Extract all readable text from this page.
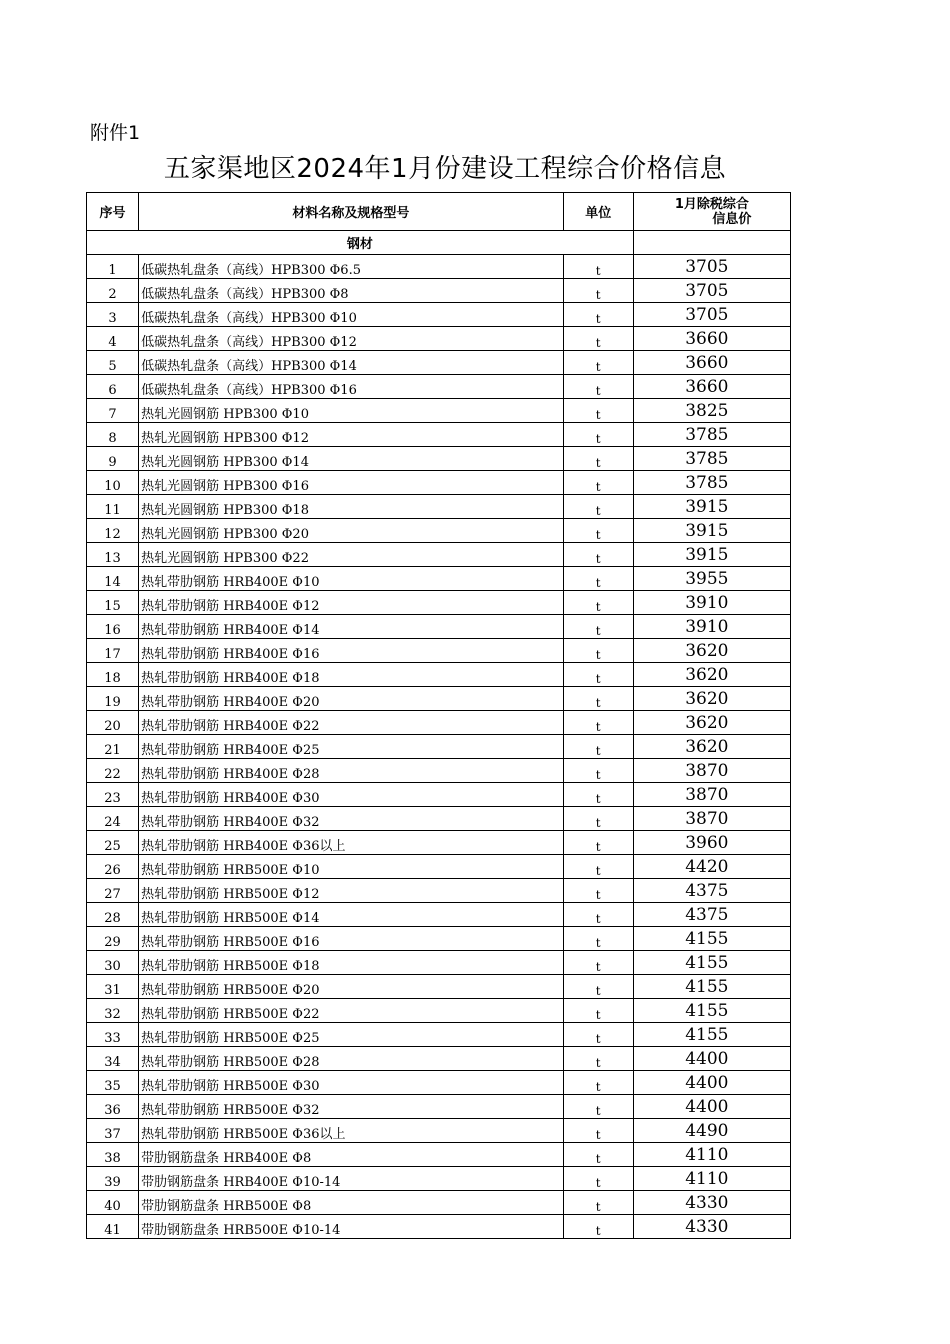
附件1
五家渠地区2024年1月份建设工程综合价格信息
序号	材料名称及规格型号	单位	1月除税综合
信息价
钢材			
1	低碳热轧盘条（高线）HPB300 Φ6.5	t	3705
2	低碳热轧盘条（高线）HPB300 Φ8	t	3705
3	低碳热轧盘条（高线）HPB300 Φ10	t	3705
4	低碳热轧盘条（高线）HPB300 Φ12	t	3660
5	低碳热轧盘条（高线）HPB300 Φ14	t	3660
6	低碳热轧盘条（高线）HPB300 Φ16	t	3660
7	热轧光圆钢筋 HPB300 Φ10	t	3825
8	热轧光圆钢筋 HPB300 Φ12	t	3785
9	热轧光圆钢筋 HPB300 Φ14	t	3785
10	热轧光圆钢筋 HPB300 Φ16	t	3785
11	热轧光圆钢筋 HPB300 Φ18	t	3915
12	热轧光圆钢筋 HPB300 Φ20	t	3915
13	热轧光圆钢筋 HPB300 Φ22	t	3915
14	热轧带肋钢筋 HRB400E Φ10	t	3955
15	热轧带肋钢筋 HRB400E Φ12	t	3910
16	热轧带肋钢筋 HRB400E Φ14	t	3910
17	热轧带肋钢筋 HRB400E Φ16	t	3620
18	热轧带肋钢筋 HRB400E Φ18	t	3620
19	热轧带肋钢筋 HRB400E Φ20	t	3620
20	热轧带肋钢筋 HRB400E Φ22	t	3620
21	热轧带肋钢筋 HRB400E Φ25	t	3620
22	热轧带肋钢筋 HRB400E Φ28	t	3870
23	热轧带肋钢筋 HRB400E Φ30	t	3870
24	热轧带肋钢筋 HRB400E Φ32	t	3870
25	热轧带肋钢筋 HRB400E Φ36以上	t	3960
26	热轧带肋钢筋 HRB500E Φ10	t	4420
27	热轧带肋钢筋 HRB500E Φ12	t	4375
28	热轧带肋钢筋 HRB500E Φ14	t	4375
29	热轧带肋钢筋 HRB500E Φ16	t	4155
30	热轧带肋钢筋 HRB500E Φ18	t	4155
31	热轧带肋钢筋 HRB500E Φ20	t	4155
32	热轧带肋钢筋 HRB500E Φ22	t	4155
33	热轧带肋钢筋 HRB500E Φ25	t	4155
34	热轧带肋钢筋 HRB500E Φ28	t	4400
35	热轧带肋钢筋 HRB500E Φ30	t	4400
36	热轧带肋钢筋 HRB500E Φ32	t	4400
37	热轧带肋钢筋 HRB500E Φ36以上	t	4490
38	带肋钢筋盘条 HRB400E Φ8	t	4110
39	带肋钢筋盘条 HRB400E Φ10-14	t	4110
40	带肋钢筋盘条 HRB500E Φ8	t	4330
41	带肋钢筋盘条 HRB500E Φ10-14	t	4330
